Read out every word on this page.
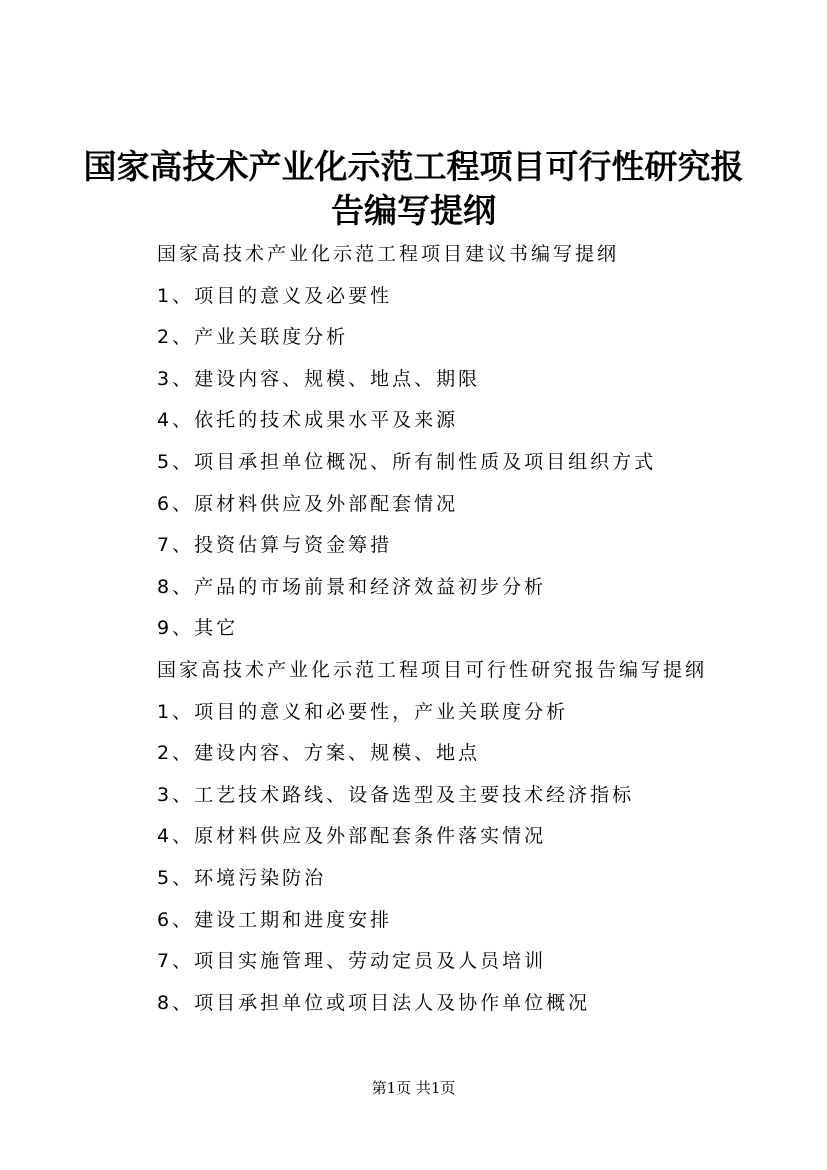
国家高技术产业化示范工程项目可行性研究报
告编写提纲
国家高技术产业化示范工程项目建议书编写提纲
1、项目的意义及必要性
2、产业关联度分析
3、建设内容、规模、地点、期限
4、依托的技术成果水平及来源
5、项目承担单位概况、所有制性质及项目组织方式
6、原材料供应及外部配套情况
7、投资估算与资金筹措
8、产品的市场前景和经济效益初步分析
9、其它
国家高技术产业化示范工程项目可行性研究报告编写提纲
1、项目的意义和必要性，产业关联度分析
2、建设内容、方案、规模、地点
3、工艺技术路线、设备选型及主要技术经济指标
4、原材料供应及外部配套条件落实情况
5、环境污染防治
6、建设工期和进度安排
7、项目实施管理、劳动定员及人员培训
8、项目承担单位或项目法人及协作单位概况
第1页 共1页
